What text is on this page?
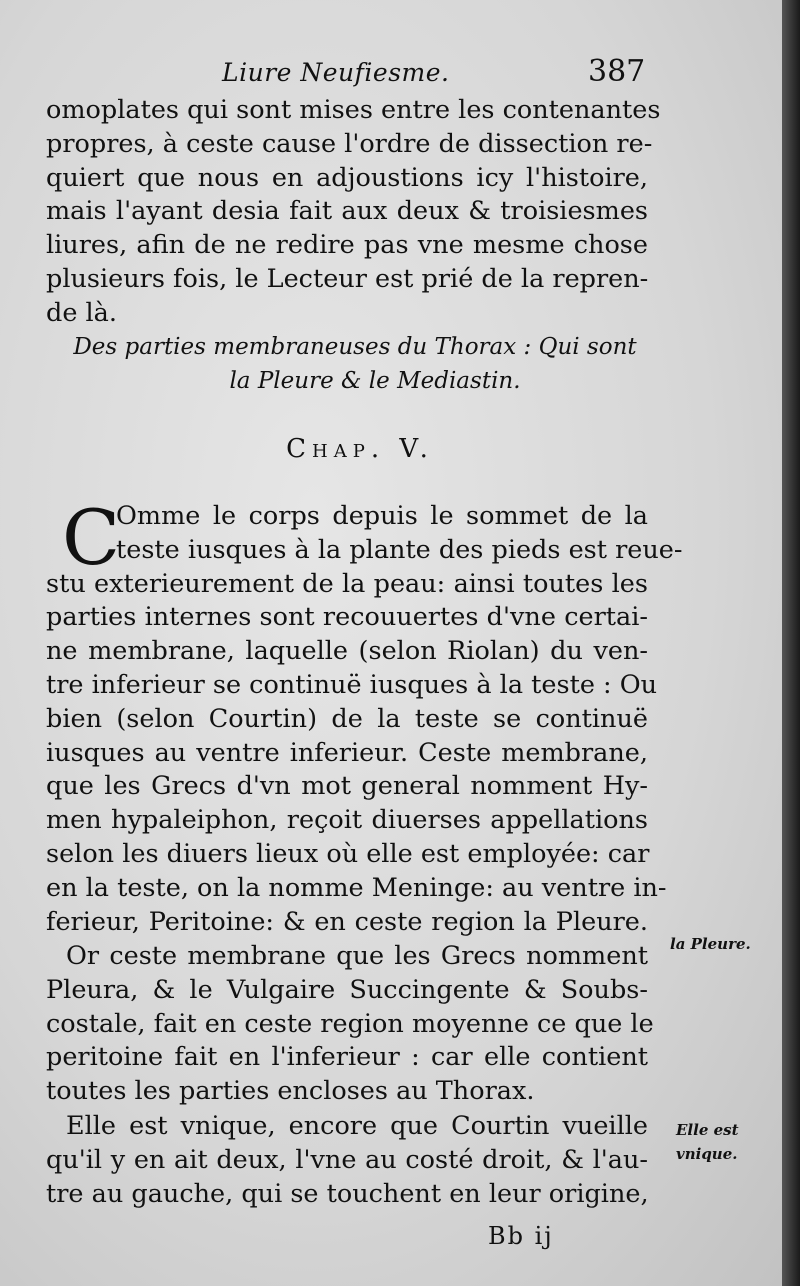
Liure Neufiesme.	387
omoplates qui sont mises entre les contenantes
propres, à ceste cause l'ordre de dissection re-
quiert que nous en adjoustions icy l'histoire,
mais l'ayant desia fait aux deux & troisiesmes
liures, afin de ne redire pas vne mesme chose
plusieurs fois, le Lecteur est prié de la repren-
de là.
Des parties membraneuses du Thorax : Qui sont
la Pleure & le Mediastin.
Chap. V.
C
Omme le corps depuis le sommet de la
teste iusques à la plante des pieds est reue-
stu exterieurement de la peau: ainsi toutes les
parties internes sont recouuertes d'vne certai-
ne membrane, laquelle (selon Riolan) du ven-
tre inferieur se continuë iusques à la teste : Ou
bien (selon Courtin) de la teste se continuë
iusques au ventre inferieur. Ceste membrane,
que les Grecs d'vn mot general nomment Hy-
men hypaleiphon, reçoit diuerses appellations
selon les diuers lieux où elle est employée: car
en la teste, on la nomme Meninge: au ventre in-
ferieur, Peritoine: & en ceste region la Pleure.
Or ceste membrane que les Grecs nomment
Pleura, & le Vulgaire Succingente & Soubs-
costale, fait en ceste region moyenne ce que le
peritoine fait en l'inferieur : car elle contient
toutes les parties encloses au Thorax.
Elle est vnique, encore que Courtin vueille
qu'il y en ait deux, l'vne au costé droit, & l'au-
tre au gauche, qui se touchent en leur origine,
la Pleure.
Elle est
vnique.
Bb ij
